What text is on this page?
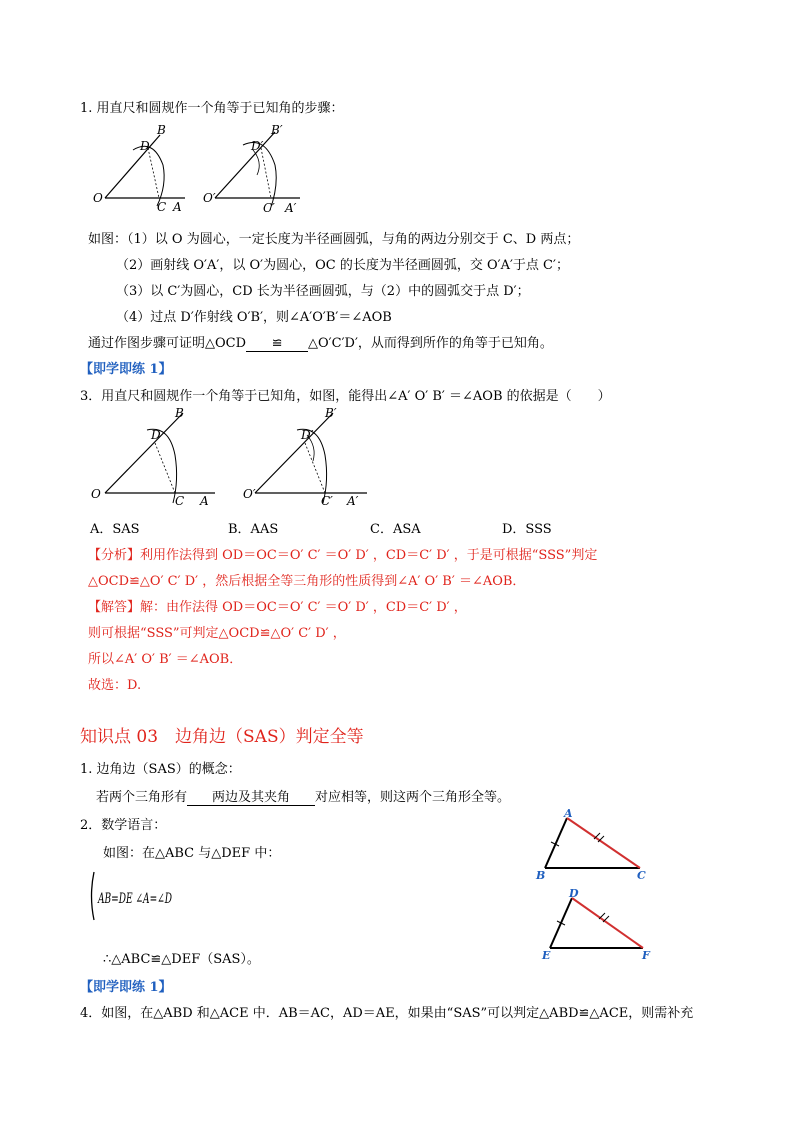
1. 用直尺和圆规作一个角等于已知角的步骤：
O
B
D
C A
O′
B′
D′
C′ A′
如图：（1）以 O 为圆心，一定长度为半径画圆弧，与角的两边分别交于 C、D 两点；
（2）画射线 O′A′，以 O′为圆心，OC 的长度为半径画圆弧，交 O′A′于点 C′；
（3）以 C′为圆心，CD 长为半径画圆弧，与（2）中的圆弧交于点 D′；
（4）过点 D′作射线 O′B′，则∠A′O′B′＝∠AOB
通过作图步骤可证明△OCD ≌ △O′C′D′，从而得到所作的角等于已知角。
【即学即练 1】
3．用直尺和圆规作一个角等于已知角，如图，能得出∠A′ O′ B′ ＝∠AOB 的依据是（　　）
O
B
D
C A	O′
B′
D′
C′ A′
A．SAS	B．AAS	C．ASA	D．SSS
【分析】利用作法得到 OD＝OC＝O′ C′ ＝O′ D′ ，CD＝C′ D′ ，于是可根据“SSS”判定
△OCD≌△O′ C′ D′ ，然后根据全等三角形的性质得到∠A′ O′ B′ ＝∠AOB．
【解答】解：由作法得 OD＝OC＝O′ C′ ＝O′ D′ ，CD＝C′ D′ ，
则可根据“SSS”可判定△OCD≌△O′ C′ D′ ，
所以∠A′ O′ B′ ＝∠AOB．
故选：D.
知识点 03　边角边（SAS）判定全等
1. 边角边（SAS）的概念：
若两个三角形有 两边及其夹角 对应相等，则这两个三角形全等。
2．数学语言：
如图：在△ABC 与△DEF 中：
AB=DE ∠A=∠D
∴△ABC≌△DEF（SAS）。
A
B	C
D
E	F
【即学即练 1】
4．如图，在△ABD 和△ACE 中．AB＝AC，AD＝AE，如果由“SAS”可以判定△ABD≌△ACE，则需补充
